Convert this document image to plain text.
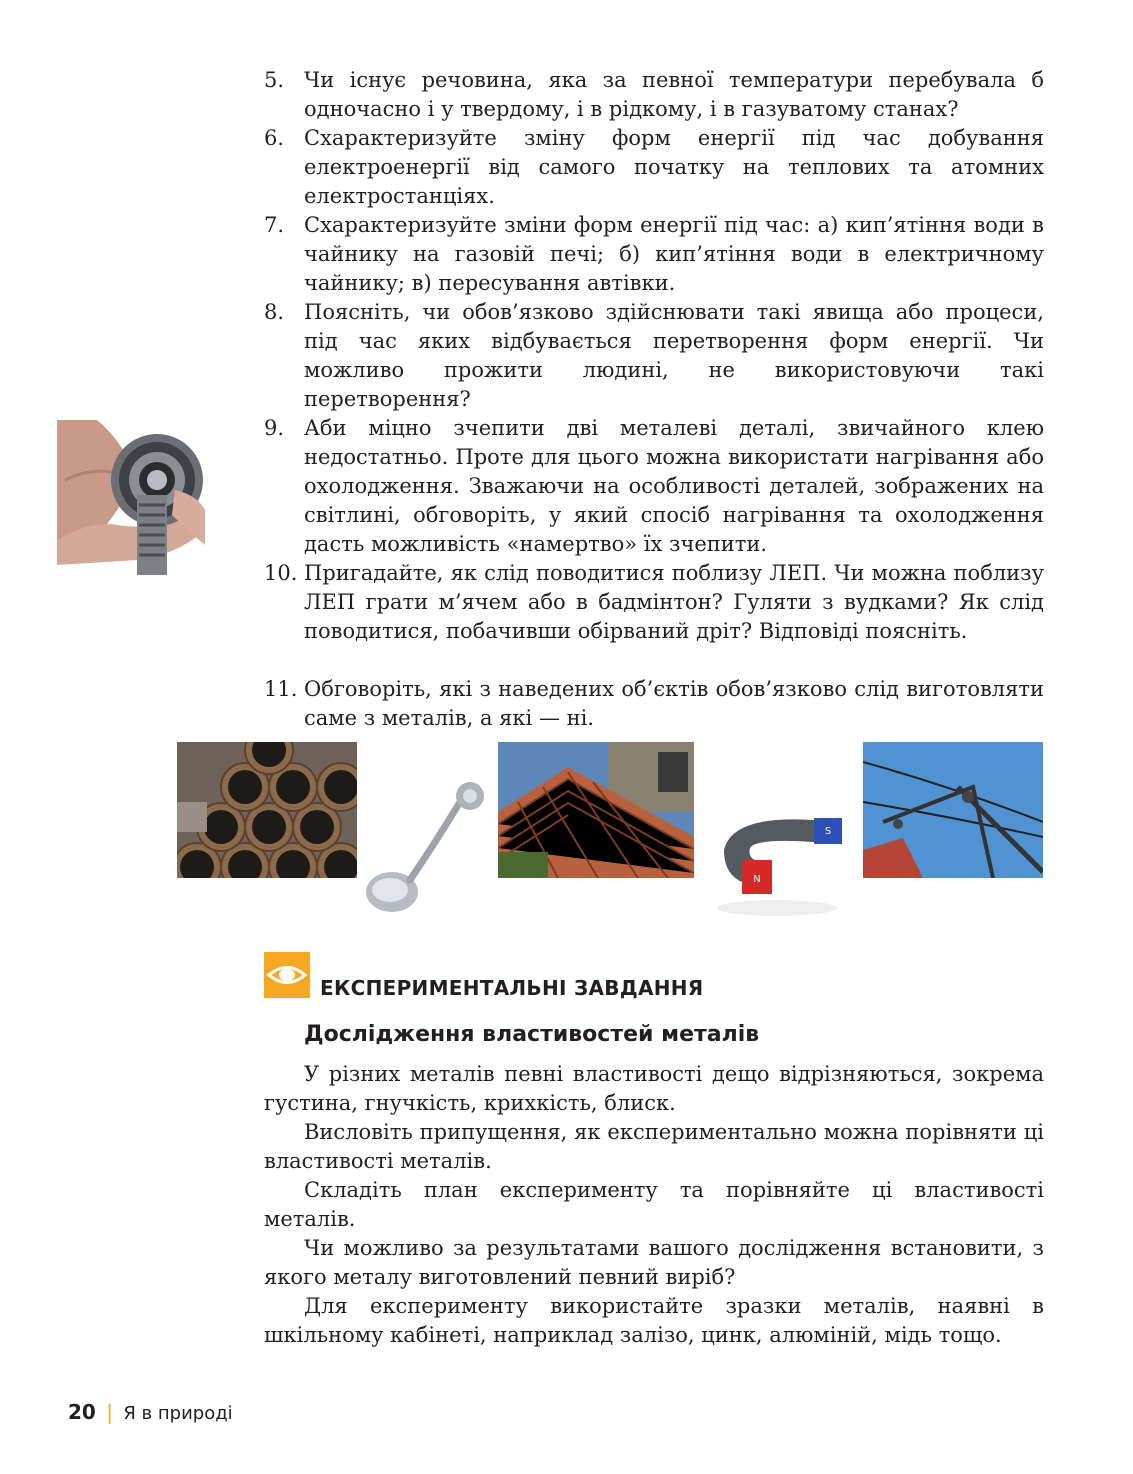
5. Чи існує речовина, яка за певної температури перебувала б одночасно і у твердому, і в рідкому, і в газуватому станах?
6. Схарактеризуйте зміну форм енергії під час добування електроенергії від самого початку на теплових та атомних електростанціях.
7. Схарактеризуйте зміни форм енергії під час: а) кип’ятіння води в чайнику на газовій печі; б) кип’ятіння води в електричному чайнику; в) пересування автівки.
8. Поясніть, чи обов’язково здійснювати такі явища або процеси, під час яких відбувається перетворення форм енергії. Чи можливо прожити людині, не використовуючи такі перетворення?
9. Аби міцно зчепити дві металеві деталі, звичайного клею недостатньо. Проте для цього можна використати нагрівання або охолодження. Зважаючи на особливості деталей, зображених на світлині, обговоріть, у який спосіб нагрівання та охолодження дасть можливість «намертво» їх зчепити.
10. Пригадайте, як слід поводитися поблизу ЛЕП. Чи можна поблизу ЛЕП грати м’ячем або в бадмінтон? Гуляти з вудками? Як слід поводитися, побачивши обірваний дріт? Відповіді поясніть.
11. Обговоріть, які з наведених об’єктів обов’язково слід виготовляти саме з металів, а які — ні.
N
S
ЕКСПЕРИМЕНТАЛЬНІ ЗАВДАННЯ
Дослідження властивостей металів
У різних металів певні властивості дещо відрізняються, зокрема густина, гнучкість, крихкість, блиск.
Висловіть припущення, як експериментально можна порівняти ці властивості металів.
Складіть план експерименту та порівняйте ці властивості металів.
Чи можливо за результатами вашого дослідження встановити, з якого металу виготовлений певний виріб?
Для експерименту використайте зразки металів, наявні в шкільному кабінеті, наприклад залізо, цинк, алюміній, мідь тощо.
20 | Я в природі
